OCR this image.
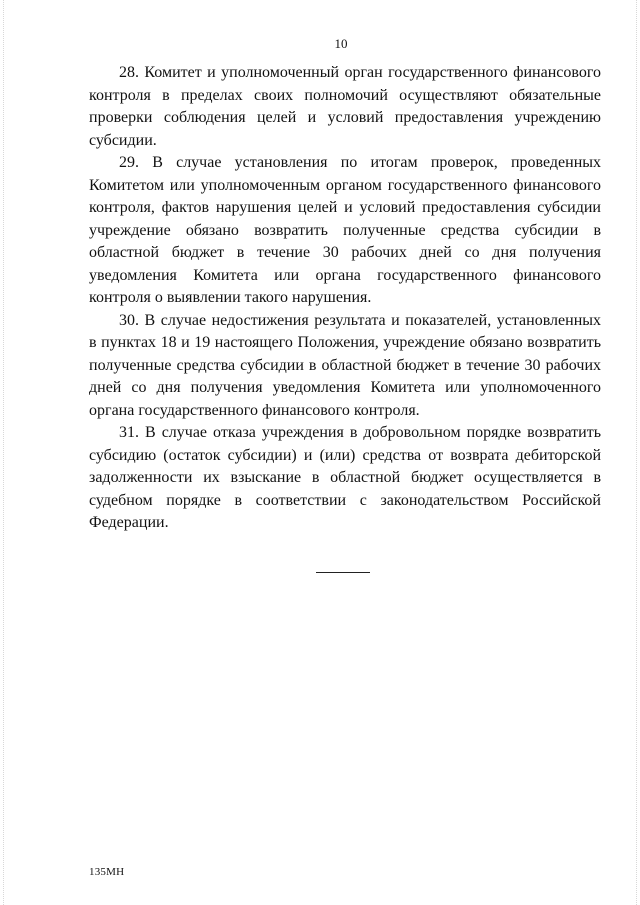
10

28. Комитет и уполномоченный орган государственного финансового контроля в пределах своих полномочий осуществляют обязательные проверки соблюдения целей и условий предоставления учреждению субсидии.

29. В случае установления по итогам проверок, проведенных Комитетом или уполномоченным органом государственного финансового контроля, фактов нарушения целей и условий предоставления субсидии учреждение обязано возвратить полученные средства субсидии в областной бюджет в течение 30 рабочих дней со дня получения уведомления Комитета или органа государственного финансового контроля о выявлении такого нарушения.

30. В случае недостижения результата и показателей, установленных в пунктах 18 и 19 настоящего Положения, учреждение обязано возвратить полученные средства субсидии в областной бюджет в течение 30 рабочих дней со дня получения уведомления Комитета или уполномоченного органа государственного финансового контроля.

31. В случае отказа учреждения в добровольном порядке возвратить субсидию (остаток субсидии) и (или) средства от возврата дебиторской задолженности их взыскание в областной бюджет осуществляется в судебном порядке в соответствии с законодательством Российской Федерации.

135МН
